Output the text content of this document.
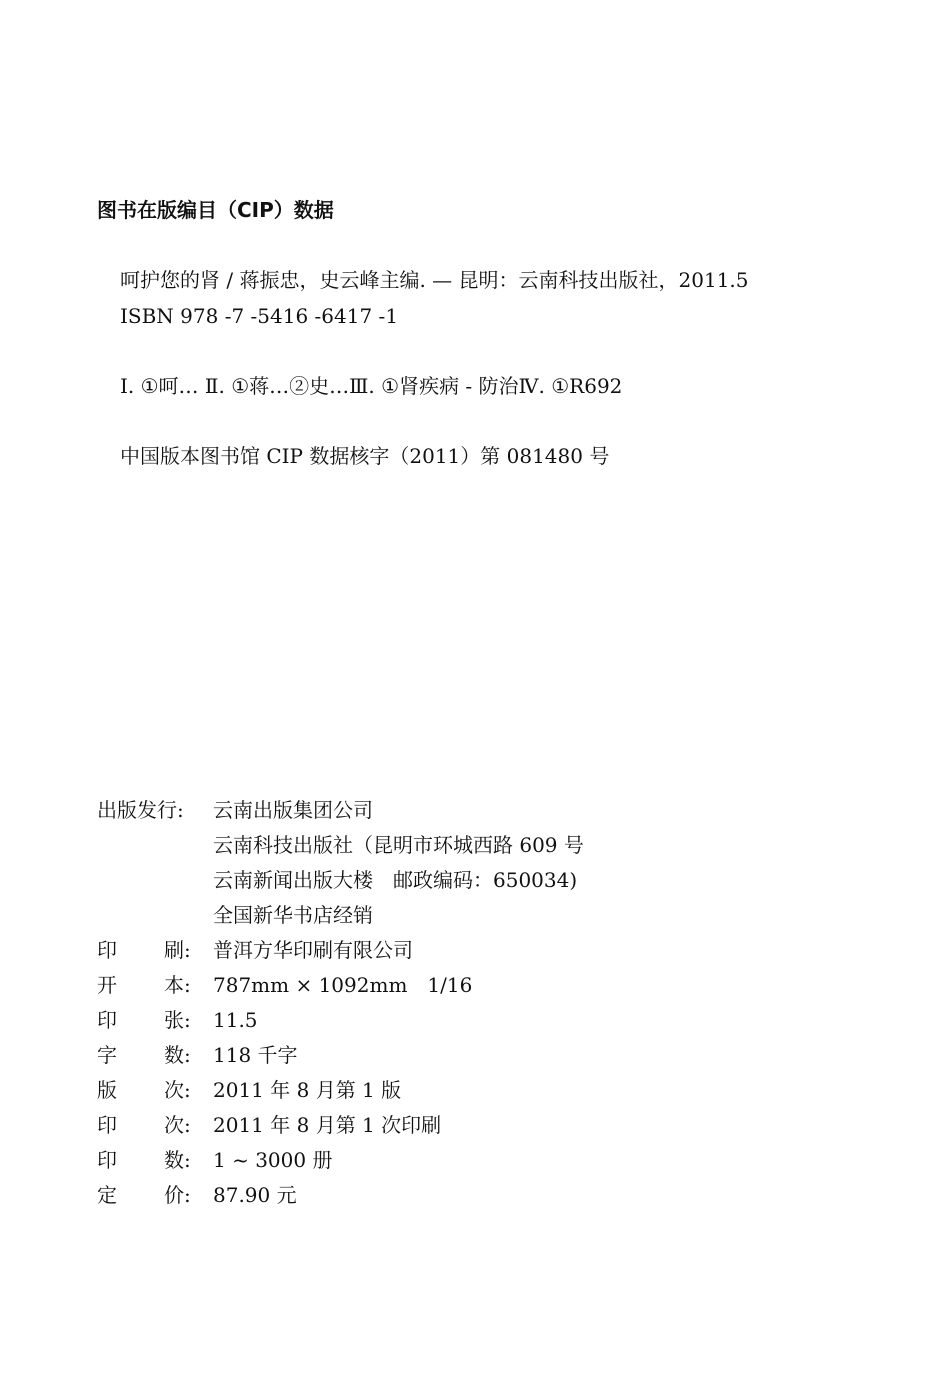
图书在版编目（CIP）数据
呵护您的肾 / 蒋振忠，史云峰主编. — 昆明：云南科技出版社，2011.5
ISBN 978 -7 -5416 -6417 -1
Ⅰ. ①呵… Ⅱ. ①蒋…②史…Ⅲ. ①肾疾病 - 防治Ⅳ. ①R692
中国版本图书馆 CIP 数据核字（2011）第 081480 号
出版发行: 云南出版集团公司
云南科技出版社（昆明市环城西路 609 号
云南新闻出版大楼　邮政编码：650034)
全国新华书店经销
印 刷: 普洱方华印刷有限公司
开 本: 787mm × 1092mm　1/16
印 张: 11.5
字 数: 118 千字
版 次: 2011 年 8 月第 1 版
印 次: 2011 年 8 月第 1 次印刷
印 数: 1 ~ 3000 册
定 价: 87.90 元
